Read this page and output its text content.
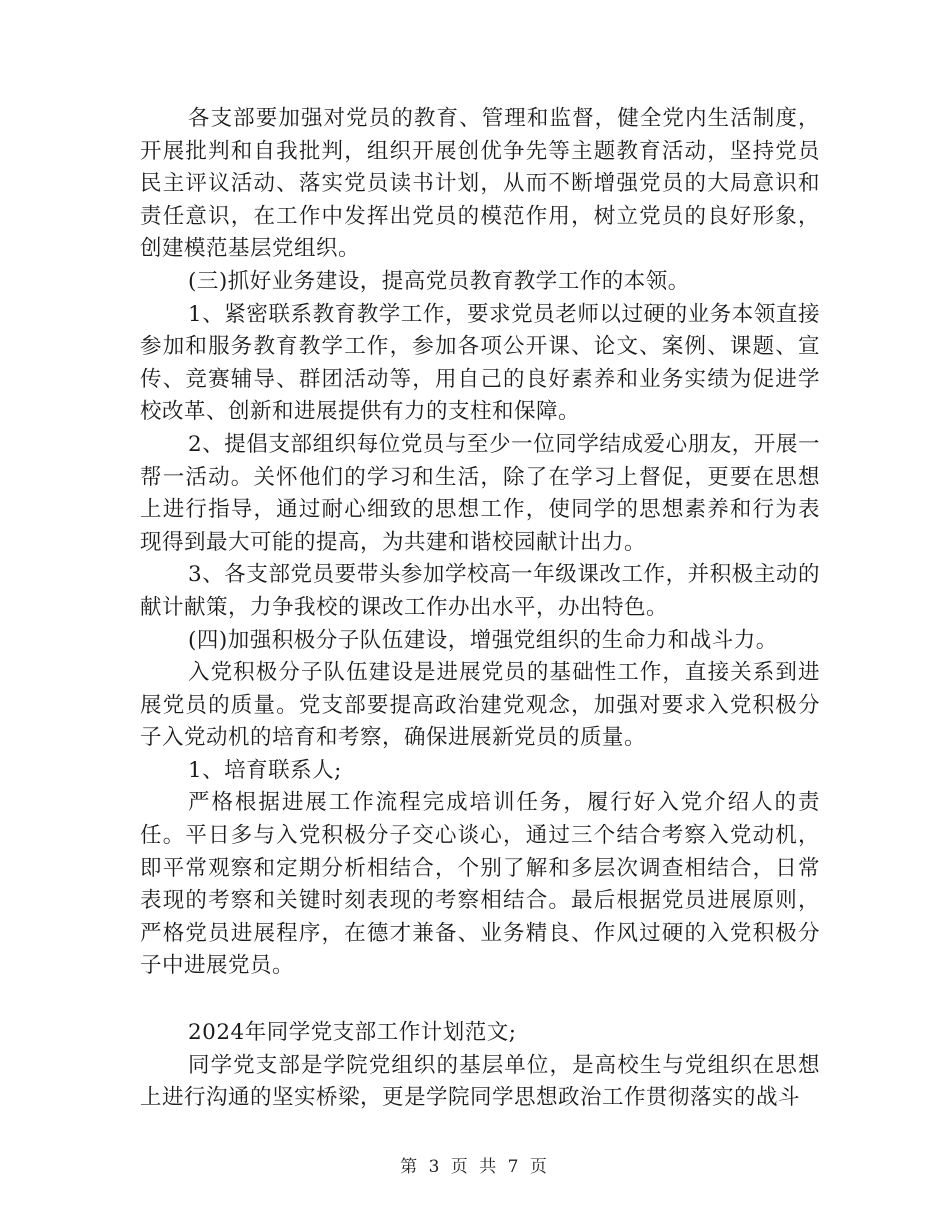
各支部要加强对党员的教育、管理和监督，健全党内生活制度，开展批判和自我批判，组织开展创优争先等主题教育活动，坚持党员民主评议活动、落实党员读书计划，从而不断增强党员的大局意识和责任意识，在工作中发挥出党员的模范作用，树立党员的良好形象，创建模范基层党组织。

(三)抓好业务建设，提高党员教育教学工作的本领。

1、紧密联系教育教学工作，要求党员老师以过硬的业务本领直接参加和服务教育教学工作，参加各项公开课、论文、案例、课题、宣传、竞赛辅导、群团活动等，用自己的良好素养和业务实绩为促进学校改革、创新和进展提供有力的支柱和保障。

2、提倡支部组织每位党员与至少一位同学结成爱心朋友，开展一帮一活动。关怀他们的学习和生活，除了在学习上督促，更要在思想上进行指导，通过耐心细致的思想工作，使同学的思想素养和行为表现得到最大可能的提高，为共建和谐校园献计出力。

3、各支部党员要带头参加学校高一年级课改工作，并积极主动的献计献策，力争我校的课改工作办出水平，办出特色。

(四)加强积极分子队伍建设，增强党组织的生命力和战斗力。

入党积极分子队伍建设是进展党员的基础性工作，直接关系到进展党员的质量。党支部要提高政治建党观念，加强对要求入党积极分子入党动机的培育和考察，确保进展新党员的质量。

1、培育联系人;

严格根据进展工作流程完成培训任务，履行好入党介绍人的责任。平日多与入党积极分子交心谈心，通过三个结合考察入党动机，即平常观察和定期分析相结合，个别了解和多层次调查相结合，日常表现的考察和关键时刻表现的考察相结合。最后根据党员进展原则，严格党员进展程序，在德才兼备、业务精良、作风过硬的入党积极分子中进展党员。

2024年同学党支部工作计划范文;

同学党支部是学院党组织的基层单位，是高校生与党组织在思想上进行沟通的坚实桥梁，更是学院同学思想政治工作贯彻落实的战斗

第 3 页 共 7 页
